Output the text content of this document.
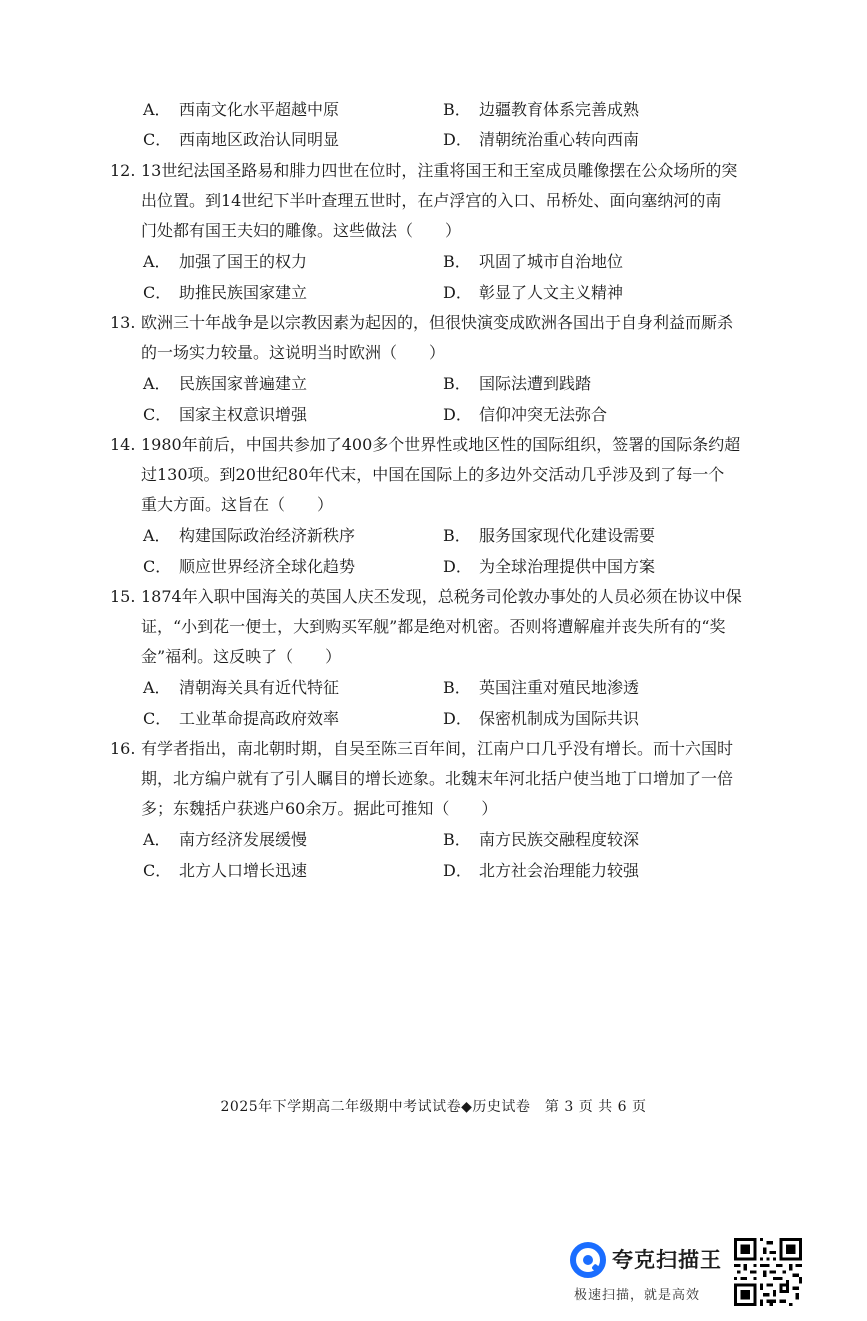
A． 西南文化水平超越中原	B． 边疆教育体系完善成熟
C． 西南地区政治认同明显	D． 清朝统治重心转向西南
12. 13世纪法国圣路易和腓力四世在位时，注重将国王和王室成员雕像摆在公众场所的突
出位置。到14世纪下半叶查理五世时，在卢浮宫的入口、吊桥处、面向塞纳河的南
门处都有国王夫妇的雕像。这些做法（　　）
A． 加强了国王的权力	B． 巩固了城市自治地位
C． 助推民族国家建立	D． 彰显了人文主义精神
13. 欧洲三十年战争是以宗教因素为起因的，但很快演变成欧洲各国出于自身利益而厮杀
的一场实力较量。这说明当时欧洲（　　）
A． 民族国家普遍建立	B． 国际法遭到践踏
C． 国家主权意识增强	D． 信仰冲突无法弥合
14. 1980年前后，中国共参加了400多个世界性或地区性的国际组织，签署的国际条约超
过130项。到20世纪80年代末，中国在国际上的多边外交活动几乎涉及到了每一个
重大方面。这旨在（　　）
A． 构建国际政治经济新秩序	B． 服务国家现代化建设需要
C． 顺应世界经济全球化趋势	D． 为全球治理提供中国方案
15. 1874年入职中国海关的英国人庆丕发现，总税务司伦敦办事处的人员必须在协议中保
证，“小到花一便士，大到购买军舰”都是绝对机密。否则将遭解雇并丧失所有的“奖
金”福利。这反映了（　　）
A． 清朝海关具有近代特征	B． 英国注重对殖民地渗透
C． 工业革命提高政府效率	D． 保密机制成为国际共识
16. 有学者指出，南北朝时期，自吴至陈三百年间，江南户口几乎没有增长。而十六国时
期，北方编户就有了引人瞩目的增长迹象。北魏末年河北括户使当地丁口增加了一倍
多；东魏括户获逃户60余万。据此可推知（　　）
A． 南方经济发展缓慢	B． 南方民族交融程度较深
C． 北方人口增长迅速	D． 北方社会治理能力较强
2025年下学期高二年级期中考试试卷◆历史试卷　第 3 页 共 6 页
夸克扫描王
极速扫描，就是高效
